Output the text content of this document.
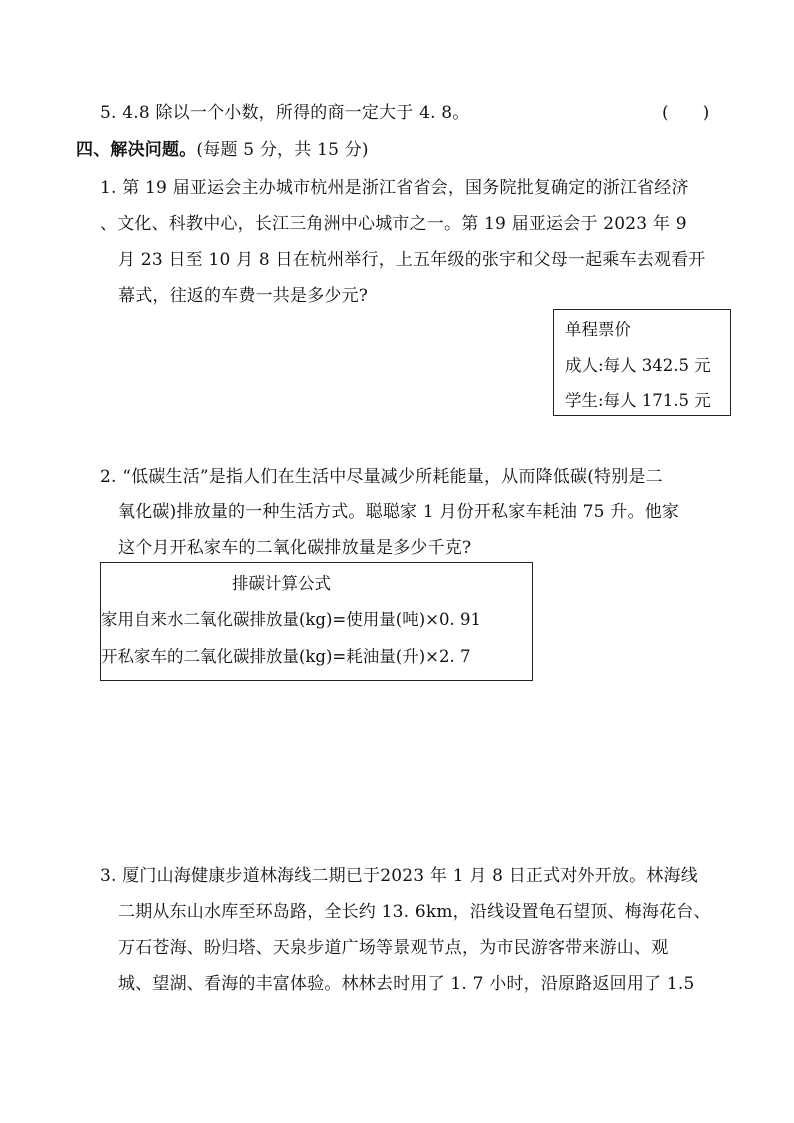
5. 4.8 除以一个小数，所得的商一定大于 4. 8。	(　　)
四、解决问题。(每题 5 分，共 15 分)
1. 第 19 届亚运会主办城市杭州是浙江省省会，国务院批复确定的浙江省经济
、文化、科教中心，长江三角洲中心城市之一。第 19 届亚运会于 2023 年 9
月 23 日至 10 月 8 日在杭州举行，上五年级的张宇和父母一起乘车去观看开
幕式，往返的车费一共是多少元?
单程票价
成人:每人 342.5 元
学生:每人 171.5 元
2. “低碳生活”是指人们在生活中尽量减少所耗能量，从而降低碳(特别是二
氧化碳)排放量的一种生活方式。聪聪家 1 月份开私家车耗油 75 升。他家
这个月开私家车的二氧化碳排放量是多少千克?
排碳计算公式
家用自来水二氧化碳排放量(kg)=使用量(吨)×0. 91
开私家车的二氧化碳排放量(kg)=耗油量(升)×2. 7
3. 厦门山海健康步道林海线二期已于2023 年 1 月 8 日正式对外开放。林海线
二期从东山水库至环岛路，全长约 13. 6km，沿线设置龟石望顶、梅海花台、
万石苍海、盼归塔、天泉步道广场等景观节点，为市民游客带来游山、观
城、望湖、看海的丰富体验。林林去时用了 1. 7 小时，沿原路返回用了 1.5
